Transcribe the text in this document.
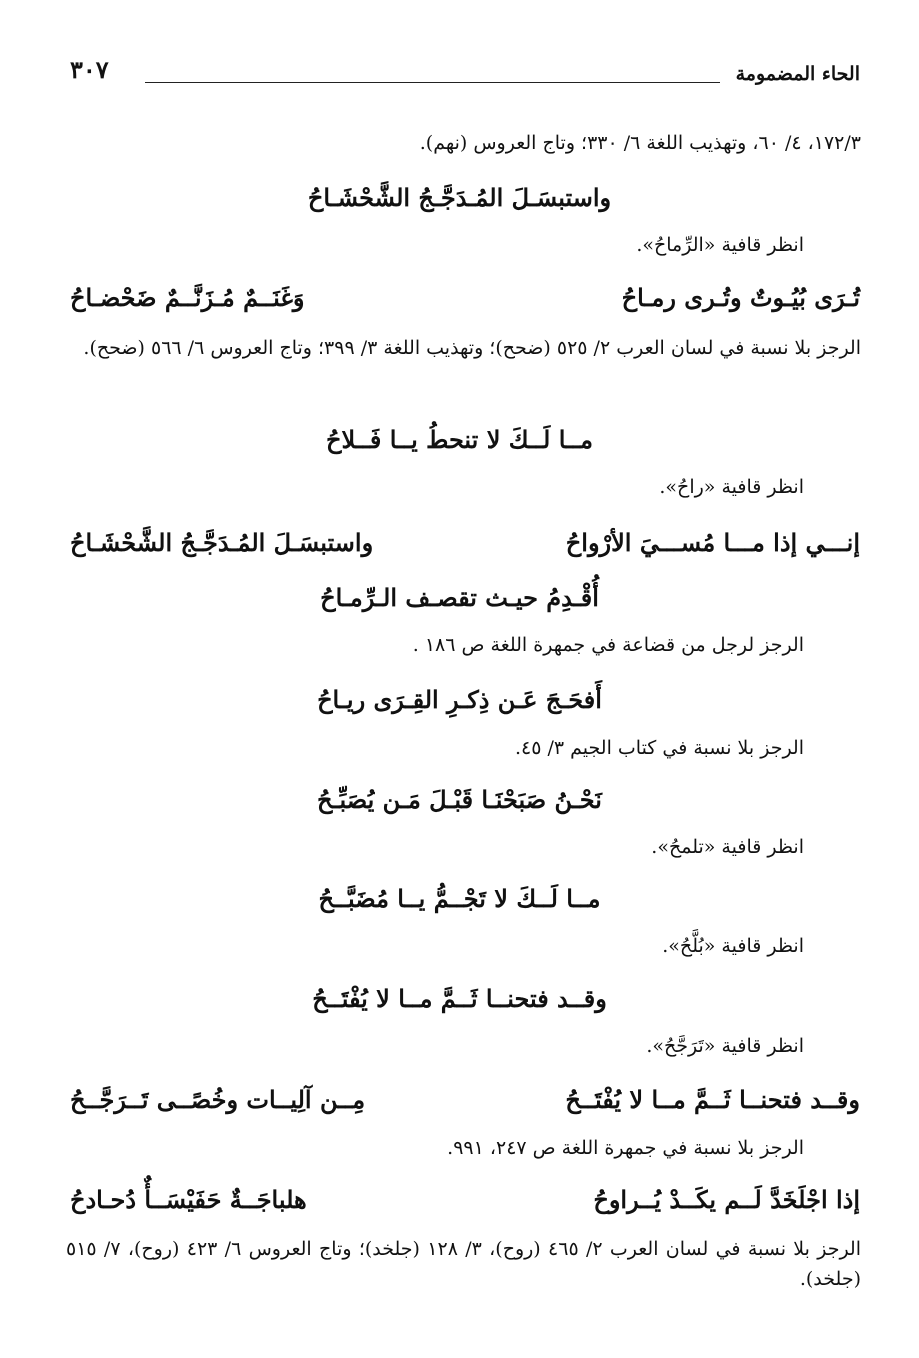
الحاء المضمومة
٣٠٧
١٧٢/٣، ٤/ ٦٠، وتهذيب اللغة ٦/ ٣٣٠؛ وتاج العروس (نهم).
واستبسَـلَ المُـدَجَّـجُ الشَّحْشَـاحُ
انظر قافية «الرِّماحُ».
تُـرَى بُيُـوتٌ وتُـرى رمـاحُ
وَغَنَــمٌ مُـزَنَّــمٌ ضَحْضـاحُ
الرجز بلا نسبة في لسان العرب ٢/ ٥٢٥ (ضحح)؛ وتهذيب اللغة ٣/ ٣٩٩؛ وتاج العروس ٦/ ٥٦٦ (ضحح).
مــا لَــكَ لا تنحطُ يــا فَــلاحُ
انظر قافية «راحُ».
إنـــي إذا مـــا مُســـيَ الأرْواحُ
واستبسَـلَ المُـدَجَّـجُ الشَّحْشَـاحُ
أُقْـدِمُ حيـث تقصـف الـرِّمـاحُ
الرجز لرجل من قضاعة في جمهرة اللغة ص ١٨٦ .
أَفحَـجَ عَـن ذِكـرِ القِـرَى ريـاحُ
الرجز بلا نسبة في كتاب الجيم ٣/ ٤٥.
نَحْـنُ صَبَحْنَـا قَبْـلَ مَـن يُصَبِّـحُ
انظر قافية «تلمحُ».
مــا لَــكَ لا تَجْــمُّ يــا مُضَبَّــحُ
انظر قافية «بُلَّحُ».
وقــد فتحنــا ثَــمَّ مــا لا يُفْتَــحُ
انظر قافية «تَرَجَّحُ».
وقــد فتحنــا ثَــمَّ مــا لا يُفْتَــحُ
مِــن آلِيــات وخُصًــى تَــرَجَّــحُ
الرجز بلا نسبة في جمهرة اللغة ص ٢٤٧، ٩٩١.
إذا اجْلَخَدَّ لَــم يكَــدْ يُــراوحُ
هلباجَــةٌ حَفَيْسَــأٌ دُحـادحُ
الرجز بلا نسبة في لسان العرب ٢/ ٤٦٥ (روح)، ٣/ ١٢٨ (جلخد)؛ وتاج العروس ٦/ ٤٢٣ (روح)، ٧/ ٥١٥ (جلخد).
